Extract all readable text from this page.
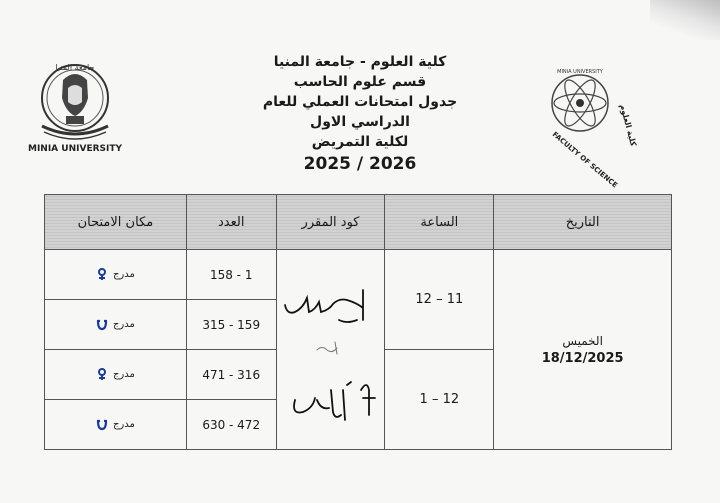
جامعة المنيا
MINIA UNIVERSITY
كلية العلوم - جامعة المنيا
قسم علوم الحاسب
جدول امتحانات العملي للعام الدراسي الاول
لكلية التمريض
2025 / 2026
MINIA UNIVERSITY
FACULTY OF SCIENCE
كلية العلوم
التاريخ	الساعة	كود المقرر	العدد	مكان الامتحان

الخميس
18/12/2025	12 – 11		158 - 1	مدرج

			315 - 159	مدرج

	1 – 12		471 - 316	مدرج

			630 - 472	مدرج
